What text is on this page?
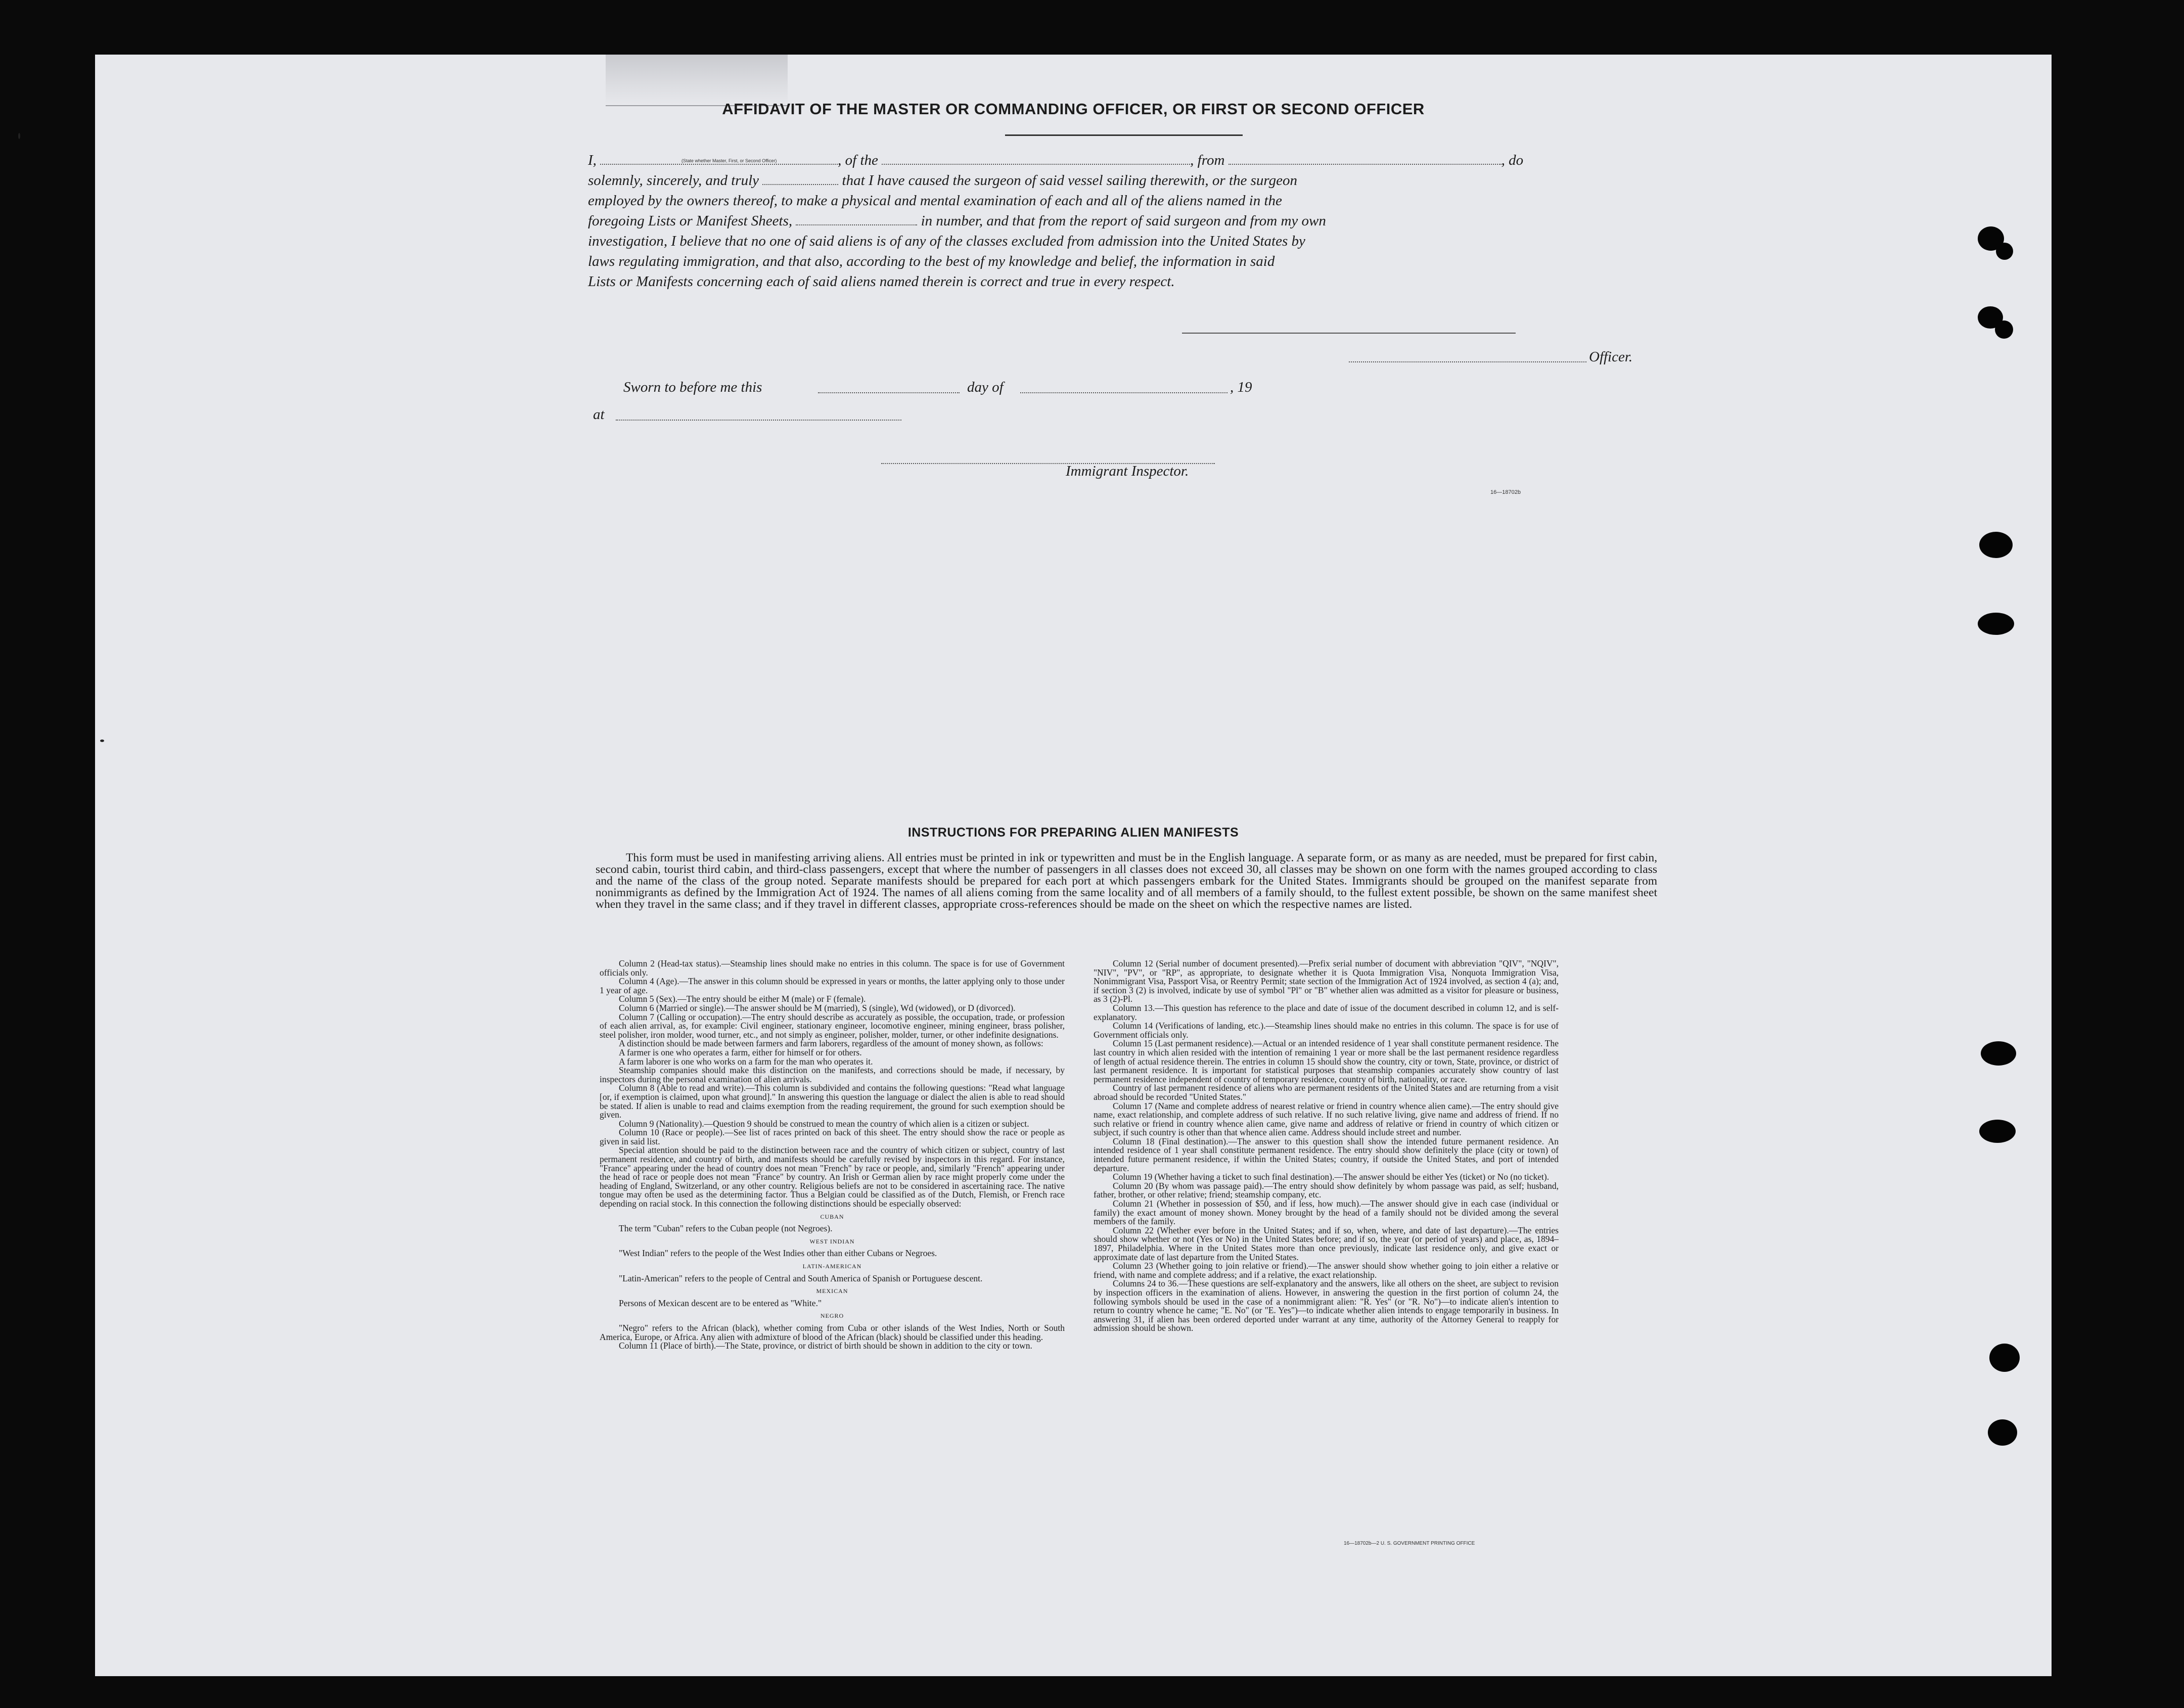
AFFIDAVIT OF THE MASTER OR COMMANDING OFFICER, OR FIRST OR SECOND OFFICER
I,	, of the	, from	, do
(State whether Master, First, or Second Officer)
solemnly, sincerely, and truly	that I have caused the surgeon of said vessel sailing therewith, or the surgeon
employed by the owners thereof, to make a physical and mental examination of each and all of the aliens named in the
foregoing Lists or Manifest Sheets,	in number, and that from the report of said surgeon and from my own
investigation, I believe that no one of said aliens is of any of the classes excluded from admission into the United States by
laws regulating immigration, and that also, according to the best of my knowledge and belief, the information in said
Lists or Manifests concerning each of said aliens named therein is correct and true in every respect.
Officer.
Sworn to before me this	day of	, 19
at
Immigrant Inspector.
16—18702b
INSTRUCTIONS FOR PREPARING ALIEN MANIFESTS

This form must be used in manifesting arriving aliens. All entries must be printed in ink or typewritten and must be in the English language. A separate form, or as many as are needed, must be prepared for first cabin, second cabin, tourist third cabin, and third-class passengers, except that where the number of passengers in all classes does not exceed 30, all classes may be shown on one form with the names grouped according to class and the name of the class of the group noted. Separate manifests should be prepared for each port at which passengers embark for the United States. Immigrants should be grouped on the manifest separate from nonimmigrants as defined by the Immigration Act of 1924. The names of all aliens coming from the same locality and of all members of a family should, to the fullest extent possible, be shown on the same manifest sheet when they travel in the same class; and if they travel in different classes, appropriate cross-references should be made on the sheet on which the respective names are listed.

Column 2 (Head-tax status).—Steamship lines should make no entries in this column. The space is for use of Government officials only.

Column 4 (Age).—The answer in this column should be expressed in years or months, the latter applying only to those under 1 year of age.

Column 5 (Sex).—The entry should be either M (male) or F (female).

Column 6 (Married or single).—The answer should be M (married), S (single), Wd (widowed), or D (divorced).

Column 7 (Calling or occupation).—The entry should describe as accurately as possible, the occupation, trade, or profession of each alien arrival, as, for example: Civil engineer, stationary engineer, locomotive engineer, mining engineer, brass polisher, steel polisher, iron molder, wood turner, etc., and not simply as engineer, polisher, molder, turner, or other indefinite designations.

A distinction should be made between farmers and farm laborers, regardless of the amount of money shown, as follows:

A farmer is one who operates a farm, either for himself or for others.

A farm laborer is one who works on a farm for the man who operates it.

Steamship companies should make this distinction on the manifests, and corrections should be made, if necessary, by inspectors during the personal examination of alien arrivals.

Column 8 (Able to read and write).—This column is subdivided and contains the following questions: "Read what language [or, if exemption is claimed, upon what ground]." In answering this question the language or dialect the alien is able to read should be stated. If alien is unable to read and claims exemption from the reading requirement, the ground for such exemption should be given.

Column 9 (Nationality).—Question 9 should be construed to mean the country of which alien is a citizen or subject.

Column 10 (Race or people).—See list of races printed on back of this sheet. The entry should show the race or people as given in said list.

Special attention should be paid to the distinction between race and the country of which citizen or subject, country of last permanent residence, and country of birth, and manifests should be carefully revised by inspectors in this regard. For instance, "France" appearing under the head of country does not mean "French" by race or people, and, similarly "French" appearing under the head of race or people does not mean "France" by country. An Irish or German alien by race might properly come under the heading of England, Switzerland, or any other country. Religious beliefs are not to be considered in ascertaining race. The native tongue may often be used as the determining factor. Thus a Belgian could be classified as of the Dutch, Flemish, or French race depending on racial stock. In this connection the following distinctions should be especially observed:

CUBAN

The term "Cuban" refers to the Cuban people (not Negroes).

WEST INDIAN

"West Indian" refers to the people of the West Indies other than either Cubans or Negroes.

LATIN-AMERICAN

"Latin-American" refers to the people of Central and South America of Spanish or Portuguese descent.

MEXICAN

Persons of Mexican descent are to be entered as "White."

NEGRO

"Negro" refers to the African (black), whether coming from Cuba or other islands of the West Indies, North or South America, Europe, or Africa. Any alien with admixture of blood of the African (black) should be classified under this heading.

Column 11 (Place of birth).—The State, province, or district of birth should be shown in addition to the city or town.

Column 12 (Serial number of document presented).—Prefix serial number of document with abbreviation "QIV", "NQIV", "NIV", "PV", or "RP", as appropriate, to designate whether it is Quota Immigration Visa, Nonquota Immigration Visa, Nonimmigrant Visa, Passport Visa, or Reentry Permit; state section of the Immigration Act of 1924 involved, as section 4 (a); and, if section 3 (2) is involved, indicate by use of symbol "Pl" or "B" whether alien was admitted as a visitor for pleasure or business, as 3 (2)-Pl.

Column 13.—This question has reference to the place and date of issue of the document described in column 12, and is self-explanatory.

Column 14 (Verifications of landing, etc.).—Steamship lines should make no entries in this column. The space is for use of Government officials only.

Column 15 (Last permanent residence).—Actual or an intended residence of 1 year shall constitute permanent residence. The last country in which alien resided with the intention of remaining 1 year or more shall be the last permanent residence regardless of length of actual residence therein. The entries in column 15 should show the country, city or town, State, province, or district of last permanent residence. It is important for statistical purposes that steamship companies accurately show country of last permanent residence independent of country of temporary residence, country of birth, nationality, or race.

Country of last permanent residence of aliens who are permanent residents of the United States and are returning from a visit abroad should be recorded "United States."

Column 17 (Name and complete address of nearest relative or friend in country whence alien came).—The entry should give name, exact relationship, and complete address of such relative. If no such relative living, give name and address of friend. If no such relative or friend in country whence alien came, give name and address of relative or friend in country of which citizen or subject, if such country is other than that whence alien came. Address should include street and number.

Column 18 (Final destination).—The answer to this question shall show the intended future permanent residence. An intended residence of 1 year shall constitute permanent residence. The entry should show definitely the place (city or town) of intended future permanent residence, if within the United States; country, if outside the United States, and port of intended departure.

Column 19 (Whether having a ticket to such final destination).—The answer should be either Yes (ticket) or No (no ticket).

Column 20 (By whom was passage paid).—The entry should show definitely by whom passage was paid, as self; husband, father, brother, or other relative; friend; steamship company, etc.

Column 21 (Whether in possession of $50, and if less, how much).—The answer should give in each case (individual or family) the exact amount of money shown. Money brought by the head of a family should not be divided among the several members of the family.

Column 22 (Whether ever before in the United States; and if so, when, where, and date of last departure).—The entries should show whether or not (Yes or No) in the United States before; and if so, the year (or period of years) and place, as, 1894–1897, Philadelphia. Where in the United States more than once previously, indicate last residence only, and give exact or approximate date of last departure from the United States.

Column 23 (Whether going to join relative or friend).—The answer should show whether going to join either a relative or friend, with name and complete address; and if a relative, the exact relationship.

Columns 24 to 36.—These questions are self-explanatory and the answers, like all others on the sheet, are subject to revision by inspection officers in the examination of aliens. However, in answering the question in the first portion of column 24, the following symbols should be used in the case of a nonimmigrant alien: "R. Yes" (or "R. No")—to indicate alien's intention to return to country whence he came; "E. No" (or "E. Yes")—to indicate whether alien intends to engage temporarily in business. In answering 31, if alien has been ordered deported under warrant at any time, authority of the Attorney General to reapply for admission should be shown.

16—18702b—2 U. S. GOVERNMENT PRINTING OFFICE
